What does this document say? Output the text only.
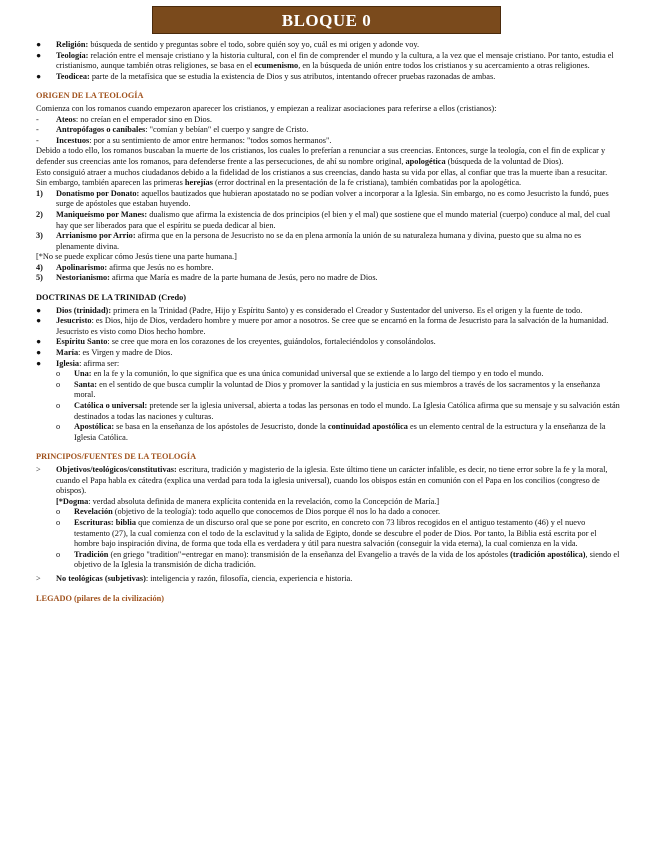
BLOQUE 0
●	Religión: búsqueda de sentido y preguntas sobre el todo, sobre quién soy yo, cuál es mi origen y adonde voy.
●	Teología: relación entre el mensaje cristiano y la historia cultural, con el fin de comprender el mundo y la cultura, a la vez que el mensaje cristiano. Por tanto, estudia el cristianismo, aunque también otras religiones, se basa en el ecumenismo, en la búsqueda de unión entre todos los cristianos y su acercamiento a otras religiones.
●	Teodicea: parte de la metafísica que se estudia la existencia de Dios y sus atributos, intentando ofrecer pruebas razonadas de ambas.

ORIGEN DE LA TEOLOGÍA

Comienza con los romanos cuando empezaron aparecer los cristianos, y empiezan a realizar asociaciones para referirse a ellos (cristianos):

-	Ateos: no creían en el emperador sino en Dios.
-	Antropófagos o caníbales: "comían y bebían" el cuerpo y sangre de Cristo.
-	Incestuos: por a su sentimiento de amor entre hermanos: "todos somos hermanos".

Debido a todo ello, los romanos buscaban la muerte de los cristianos, los cuales lo preferían a renunciar a sus creencias. Entonces, surge la teología, con el fin de explicar y defender sus creencias ante los romanos, para defenderse frente a las persecuciones, de ahí su nombre original, apologética (búsqueda de la voluntad de Dios).

Esto consiguió atraer a muchos ciudadanos debido a la fidelidad de los cristianos a sus creencias, dando hasta su vida por ellas, al confiar que tras la muerte iban a resucitar.

Sin embargo, también aparecen las primeras herejías (error doctrinal en la presentación de la fe cristiana), también combatidas por la apologética.

1)	Donatismo por Donato: aquellos bautizados que hubieran apostatado no se podían volver a incorporar a la Iglesia. Sin embargo, no es como Jesucristo la fundó, pues surge de apóstoles que estaban huyendo.
2)	Maniqueísmo por Manes: dualismo que afirma la existencia de dos principios (el bien y el mal) que sostiene que el mundo material (cuerpo) conduce al mal, del cual hay que ser liberados para que el espíritu se pueda dedicar al bien.
3)	Arrianismo por Arrio: afirma que en la persona de Jesucristo no se da en plena armonía la unión de su naturaleza humana y divina, puesto que su alma no es plenamente divina.

[*No se puede explicar cómo Jesús tiene una parte humana.]

4)	Apolinarismo: afirma que Jesús no es hombre.
5)	Nestorianismo: afirma que María es madre de la parte humana de Jesús, pero no madre de Dios.

DOCTRINAS DE LA TRINIDAD (Credo)

●	Dios (trinidad): primera en la Trinidad (Padre, Hijo y Espíritu Santo) y es considerado el Creador y Sustentador del universo. Es el origen y la fuente de todo.
●	Jesucristo: es Dios, hijo de Dios, verdadero hombre y muere por amor a nosotros. Se cree que se encarnó en la forma de Jesucristo para la salvación de la humanidad. Jesucristo es visto como Dios hecho hombre.
●	Espíritu Santo: se cree que mora en los corazones de los creyentes, guiándolos, fortaleciéndolos y consolándolos.
●	María: es Virgen y madre de Dios.
●	Iglesia: afirma ser:
o Una: en la fe y la comunión, lo que significa que es una única comunidad universal que se extiende a lo largo del tiempo y en todo el mundo.
o Santa: en el sentido de que busca cumplir la voluntad de Dios y promover la santidad y la justicia en sus miembros a través de los sacramentos y la enseñanza moral.
o Católica o universal: pretende ser la iglesia universal, abierta a todas las personas en todo el mundo. La Iglesia Católica afirma que su mensaje y su salvación están destinados a todas las naciones y culturas.
o Apostólica: se basa en la enseñanza de los apóstoles de Jesucristo, donde la continuidad apostólica es un elemento central de la estructura y la enseñanza de la Iglesia Católica.

PRINCIPOS/FUENTES DE LA TEOLOGÍA

>	Objetivos/teológicos/constitutivas: escritura, tradición y magisterio de la iglesia. Este último tiene un carácter infalible, es decir, no tiene error sobre la fe y la moral, cuando el Papa habla ex cátedra (explica una verdad para toda la iglesia universal), cuando los obispos están en comunión con el Papa en los concilios (congreso de obispos).

[*Dogma: verdad absoluta definida de manera explícita contenida en la revelación, como la Concepción de María.]

o Revelación (objetivo de la teología): todo aquello que conocemos de Dios porque él nos lo ha dado a conocer.
o Escrituras: biblia que comienza de un discurso oral que se pone por escrito, en concreto con 73 libros recogidos en el antiguo testamento (46) y el nuevo testamento (27), la cual comienza con el todo de la esclavitud y la salida de Egipto, donde se descubre el poder de Dios. Por tanto, la Biblia está escrita por el hombre bajo inspiración divina, de forma que toda ella es verdadera y útil para nuestra salvación (conseguir la vida eterna), la cual comienza en la vida.
o Tradición (en griego "tradition"=entregar en mano): transmisión de la enseñanza del Evangelio a través de la vida de los apóstoles (tradición apostólica), siendo el objetivo de la Iglesia la transmisión de dicha tradición.
>	No teológicas (subjetivas): inteligencia y razón, filosofía, ciencia, experiencia e historia.

LEGADO (pilares de la civilización)
